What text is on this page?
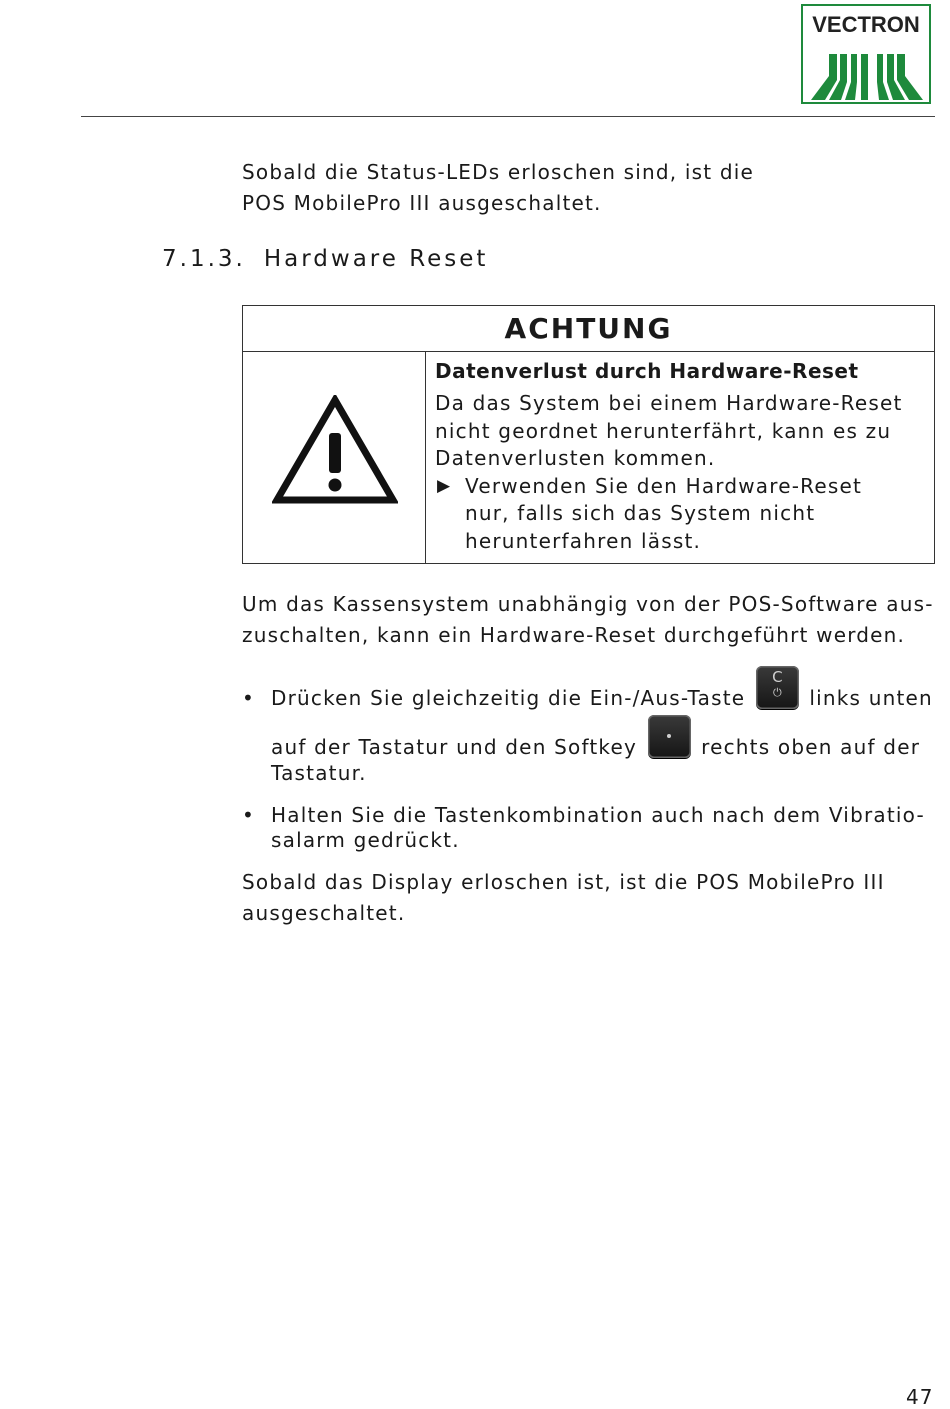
VECTRON
Sobald die Status-LEDs erloschen sind, ist die
POS MobilePro III ausgeschaltet.
7.1.3. Hardware Reset
ACHTUNG

Datenverlust durch Hardware-Reset

Da das System bei einem Hardware-Reset
nicht geordnet herunterfährt, kann es zu
Datenverlusten kommen.

▶ Verwenden Sie den Hardware-Reset
nur, falls sich das System nicht
herunterfahren lässt.

Um das Kassensystem unabhängig von der POS-Software aus-
zuschalten, kann ein Hardware-Reset durchgeführt werden.
• Drücken Sie gleichzeitig die Ein-/Aus-Taste
C
⏻	links unten
auf der Tastatur und den Softkey	rechts oben auf der
Tastatur.
• Halten Sie die Tastenkombination auch nach dem Vibratio-
salarm gedrückt.
Sobald das Display erloschen ist, ist die POS MobilePro III
ausgeschaltet.
47
